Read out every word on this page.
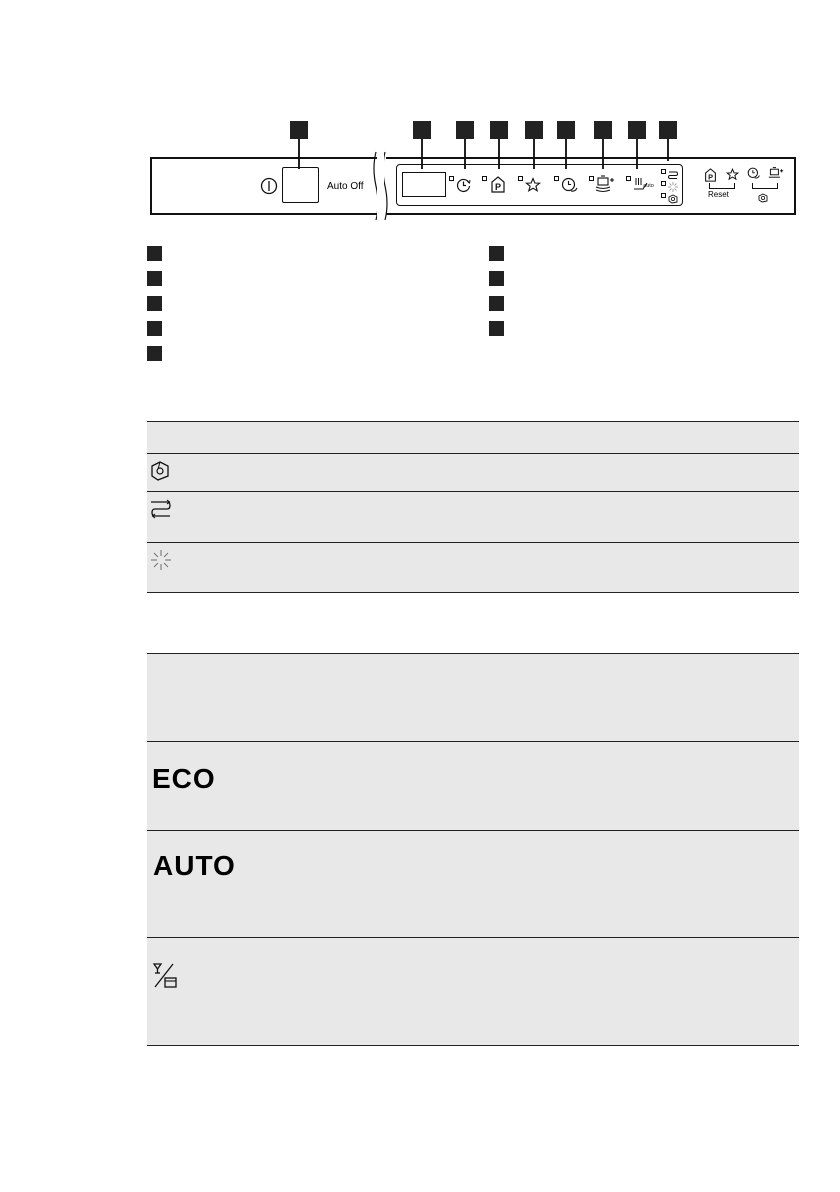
Auto Off	P	auto
P
Reset
ECO
AUTO
